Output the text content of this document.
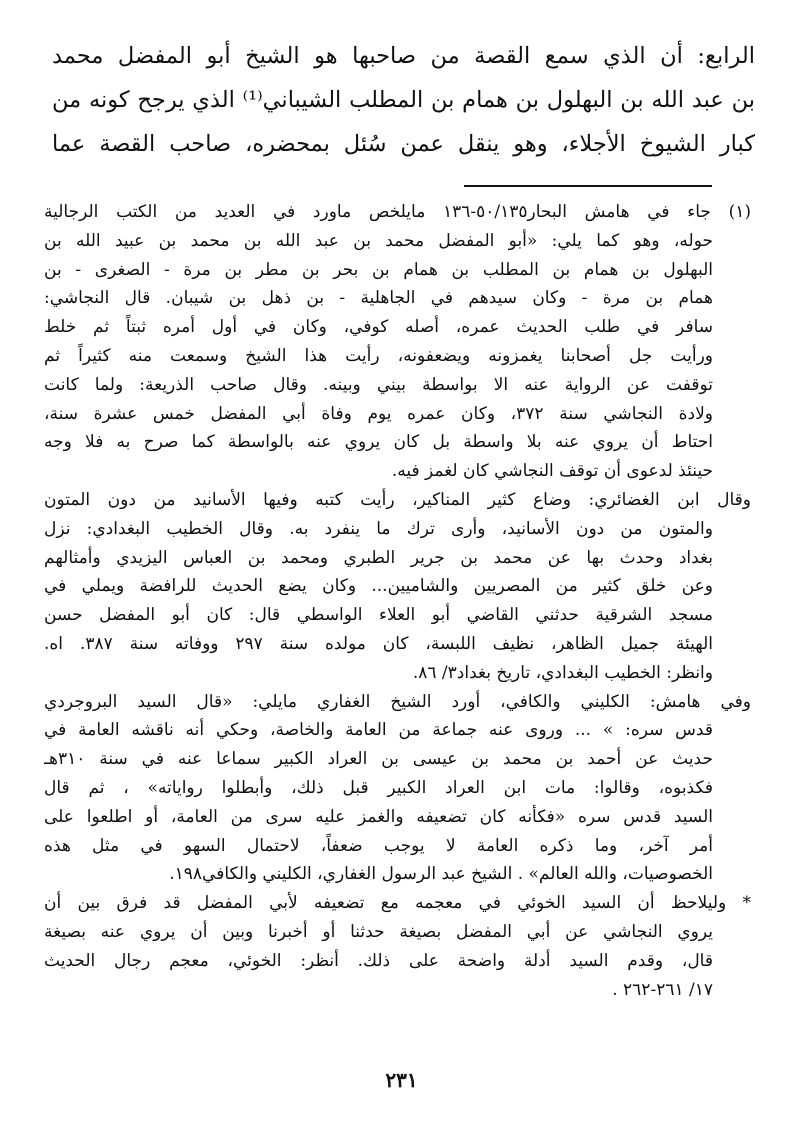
الرابع: أن الذي سمع القصة من صاحبها هو الشيخ أبو المفضل محمد
بن عبد الله بن البهلول بن همام بن المطلب الشيباني⁽¹⁾ الذي يرجح كونه من
كبار الشيوخ الأجلاء، وهو ينقل عمن سُئل بمحضره، صاحب القصة عما
(١) جاء في هامش البحار٥٠/١٣٥-١٣٦ مايلخص ماورد في العديد من الكتب الرجالية
حوله، وهو كما يلي: «أبو المفضل محمد بن عبد الله بن محمد بن عبيد الله بن
البهلول بن همام بن المطلب بن همام بن بحر بن مطر بن مرة - الصغرى - بن
همام بن مرة - وكان سيدهم في الجاهلية - بن ذهل بن شيبان. قال النجاشي:
سافر في طلب الحديث عمره، أصله كوفي، وكان في أول أمره ثبتاً ثم خلط
ورأيت جل أصحابنا يغمزونه ويضعفونه، رأيت هذا الشيخ وسمعت منه كثيراً ثم
توقفت عن الرواية عنه الا بواسطة بيني وبينه. وقال صاحب الذريعة: ولما كانت
ولادة النجاشي سنة ٣٧٢، وكان عمره يوم وفاة أبي المفضل خمس عشرة سنة،
احتاط أن يروي عنه بلا واسطة بل كان يروي عنه بالواسطة كما صرح به فلا وجه
حينئذ لدعوى أن توقف النجاشي كان لغمز فيه.
وقال ابن الغضائري: وضاع كثير المناكير، رأيت كتبه وفيها الأسانيد من دون المتون
والمتون من دون الأسانيد، وأرى ترك ما ينفرد به. وقال الخطيب البغدادي: نزل
بغداد وحدث بها عن محمد بن جرير الطبري ومحمد بن العباس اليزيدي وأمثالهم
وعن خلق كثير من المصريين والشاميين... وكان يضع الحديث للرافضة ويملي في
مسجد الشرقية حدثني القاضي أبو العلاء الواسطي قال: كان أبو المفضل حسن
الهيئة جميل الظاهر، نظيف اللبسة، كان مولده سنة ٢٩٧ ووفاته سنة ٣٨٧. اه.
وانظر: الخطيب البغدادي، تاريخ بغداد٣/ ٨٦.
وفي هامش: الكليني والكافي، أورد الشيخ الغفاري مايلي: «قال السيد البروجردي
قدس سره: » ... وروى عنه جماعة من العامة والخاصة، وحكي أنه ناقشه العامة في
حديث عن أحمد بن محمد بن عيسى بن العراد الكبير سماعا عنه في سنة ٣١٠هـ
فكذبوه، وقالوا: مات ابن العراد الكبير قبل ذلك، وأبطلوا رواياته» ، ثم قال
السيد قدس سره «فكأنه كان تضعيفه والغمز عليه سرى من العامة، أو اطلعوا على
أمر آخر، وما ذكره العامة لا يوجب ضعفاً، لاحتمال السهو في مثل هذه
الخصوصيات، والله العالم» . الشيخ عبد الرسول الغفاري، الكليني والكافي١٩٨.
* وليلاحظ أن السيد الخوئي في معجمه مع تضعيفه لأبي المفضل قد فرق بين أن
يروي النجاشي عن أبي المفضل بصيغة حدثنا أو أخبرنا وبين أن يروي عنه بصيغة
قال، وقدم السيد أدلة واضحة على ذلك. أنظر: الخوئي، معجم رجال الحديث
١٧/ ٢٦١-٢٦٢ .
٢٣١
